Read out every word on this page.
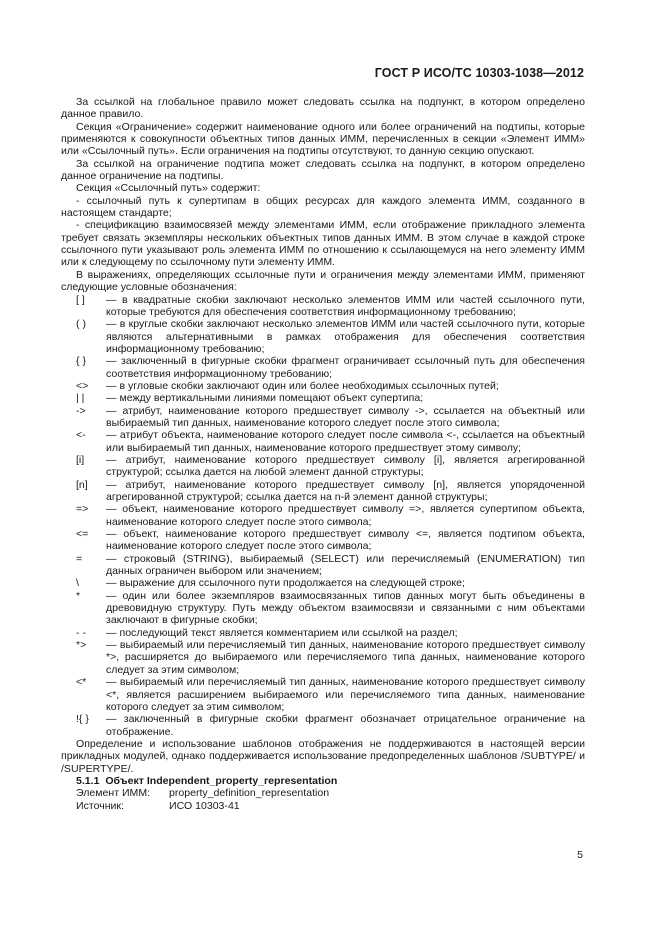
ГОСТ Р ИСО/ТС 10303-1038—2012

За ссылкой на глобальное правило может следовать ссылка на подпункт, в котором определено данное правило.

Секция «Ограничение» содержит наименование одного или более ограничений на подтипы, которые применяются к совокупности объектных типов данных ИММ, перечисленных в секции «Элемент ИММ» или «Ссылочный путь». Если ограничения на подтипы отсутствуют, то данную секцию опускают.

За ссылкой на ограничение подтипа может следовать ссылка на подпункт, в котором определено данное ограничение на подтипы.

Секция «Ссылочный путь» содержит:

- ссылочный путь к супертипам в общих ресурсах для каждого элемента ИММ, созданного в настоящем стандарте;

- спецификацию взаимосвязей между элементами ИММ, если отображение прикладного элемента требует связать экземпляры нескольких объектных типов данных ИММ. В этом случае в каждой строке ссылочного пути указывают роль элемента ИММ по отношению к ссылающемуся на него элементу ИММ или к следующему по ссылочному пути элементу ИММ.

В выражениях, определяющих ссылочные пути и ограничения между элементами ИММ, применяют следующие условные обозначения:

[ ]	— в квадратные скобки заключают несколько элементов ИММ или частей ссылочного пути, которые требуются для обеспечения соответствия информационному требованию;
( )	— в круглые скобки заключают несколько элементов ИММ или частей ссылочного пути, которые являются альтернативными в рамках отображения для обеспечения соответствия информационному требованию;
{ }	— заключенный в фигурные скобки фрагмент ограничивает ссылочный путь для обеспечения соответствия информационному требованию;
<>	— в угловые скобки заключают один или более необходимых ссылочных путей;
| |	— между вертикальными линиями помещают объект супертипа;
->	— атрибут, наименование которого предшествует символу ->, ссылается на объектный или выбираемый тип данных, наименование которого следует после этого символа;
<-	— атрибут объекта, наименование которого следует после символа <-, ссылается на объектный или выбираемый тип данных, наименование которого предшествует этому символу;
[i]	— атрибут, наименование которого предшествует символу [i], является агрегированной структурой; ссылка дается на любой элемент данной структуры;
[n]	— атрибут, наименование которого предшествует символу [n], является упорядоченной агрегированной структурой; ссылка дается на n-й элемент данной структуры;
=>	— объект, наименование которого предшествует символу =>, является супертипом объекта, наименование которого следует после этого символа;
<=	— объект, наименование которого предшествует символу <=, является подтипом объекта, наименование которого следует после этого символа;
=	— строковый (STRING), выбираемый (SELECT) или перечисляемый (ENUMERATION) тип данных ограничен выбором или значением;
\	— выражение для ссылочного пути продолжается на следующей строке;
*	— один или более экземпляров взаимосвязанных типов данных могут быть объединены в древовидную структуру. Путь между объектом взаимосвязи и связанными с ним объектами заключают в фигурные скобки;
- -	— последующий текст является комментарием или ссылкой на раздел;
*>	— выбираемый или перечисляемый тип данных, наименование которого предшествует символу *>, расширяется до выбираемого или перечисляемого типа данных, наименование которого следует за этим символом;
<*	— выбираемый или перечисляемый тип данных, наименование которого предшествует символу <*, является расширением выбираемого или перечисляемого типа данных, наименование которого следует за этим символом;
!{ }	— заключенный в фигурные скобки фрагмент обозначает отрицательное ограничение на отображение.

Определение и использование шаблонов отображения не поддерживаются в настоящей версии прикладных модулей, однако поддерживается использование предопределенных шаблонов /SUBTYPE/ и /SUPERTYPE/.

5.1.1 Объект Independent_property_representation

Элемент ИММ:	property_definition_representation
Источник:	ИСО 10303-41
5
